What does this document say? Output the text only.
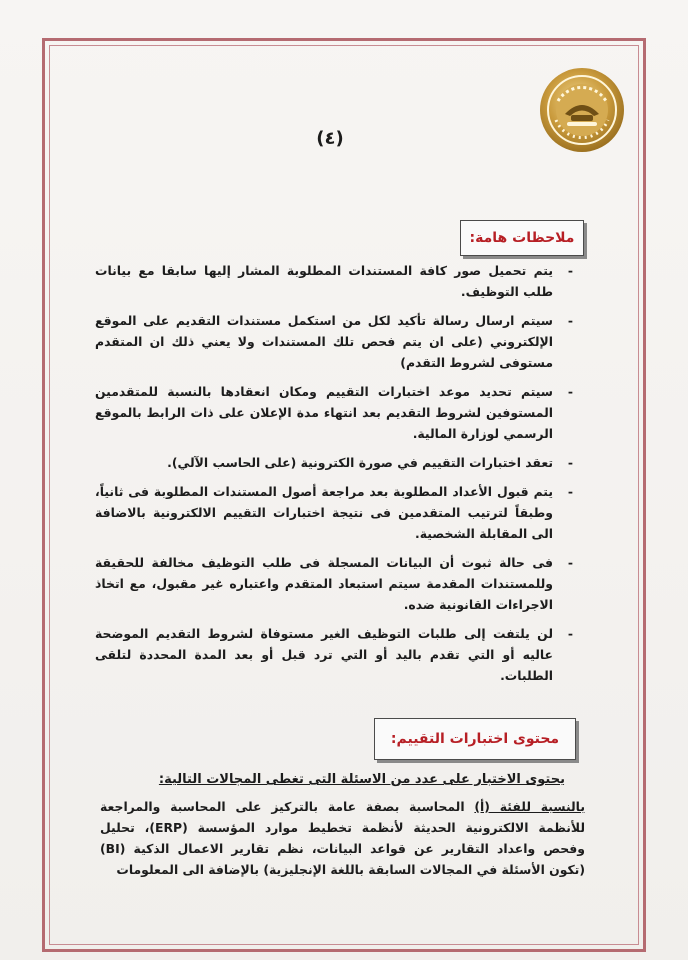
(٤)
ملاحظات هامة:
-
يتم تحميل صور كافة المستندات المطلوبة المشار إليها سابقا مع بيانات طلب التوظيف.
-
سيتم ارسال رسالة تأكيد لكل من استكمل مستندات التقديم على الموقع الإلكتروني (على ان يتم فحص تلك المستندات ولا يعني ذلك ان المتقدم مستوفى لشروط التقدم)
-
سيتم تحديد موعد اختبارات التقييم ومكان انعقادها بالنسبة للمتقدمين المستوفين لشروط التقديم بعد انتهاء مدة الإعلان على ذات الرابط بالموقع الرسمي لوزارة المالية.
-
تعقد اختبارات التقييم في صورة الكترونية (على الحاسب الآلي).
-
يتم قبول الأعداد المطلوبة بعد مراجعة أصول المستندات المطلوبة فى ثانياً، وطبقاً لترتيب المتقدمين فى نتيجة اختبارات التقييم الالكترونية بالاضافة الى المقابلة الشخصية.
-
فى حالة ثبوت أن البيانات المسجلة فى طلب التوظيف مخالفة للحقيقة وللمستندات المقدمة سيتم استبعاد المتقدم واعتباره غير مقبول، مع اتخاذ الاجراءات القانونية ضده.
-
لن يلتفت إلى طلبات التوظيف الغير مستوفاة لشروط التقديم الموضحة عاليه أو التي تقدم باليد أو التي ترد قبل أو بعد المدة المحددة لتلقى الطلبات.
محتوى اختبارات التقييم:
يحتوى الاختبار على عدد من الاسئلة التى تغطى المجالات التالية:
بالنسبة للفئة (أ) المحاسبة بصفة عامة بالتركيز على المحاسبة والمراجعة للأنظمة الالكترونية الحديثة لأنظمة تخطيط موارد المؤسسة (ERP)، تحليل وفحص واعداد التقارير عن قواعد البيانات، نظم تقارير الاعمال الذكية (BI) (تكون الأسئلة في المجالات السابقة باللغة الإنجليزية) بالإضافة الى المعلومات
